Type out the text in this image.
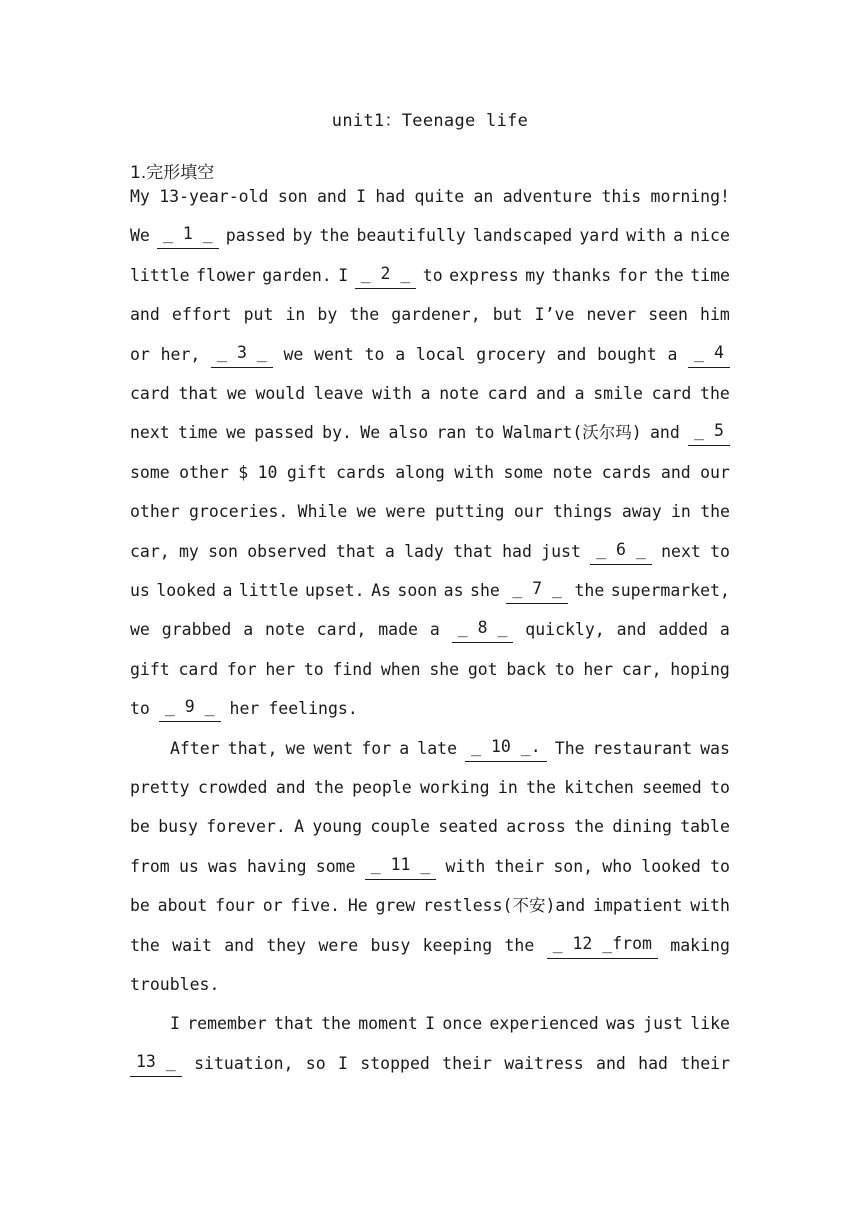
unit1：Teenage life
1.完形填空
My 13-year-old son and I had quite an adventure this morning!
We _ 1 _ passed by the beautifully landscaped yard with a nice
little flower garden. I _ 2 _ to express my thanks for the time
and effort put in by the gardener, but I’ve never seen him
or her,	_ 3 _	we went to a local grocery and bought a	_ 4
card that we would leave with a note card and a smile card the
next time we passed by. We also ran to Walmart(沃尔玛) and _ 5
some other $ 10 gift cards along with some note cards and our
other groceries. While we were putting our things away in the
car, my son observed that a lady that had just _ 6 _ next to
us looked a little upset. As soon as she _ 7 _ the supermarket,
we grabbed a note card, made a	_ 8 _	quickly, and added a
gift card for her to find when she got back to her car, hoping
to _ 9 _ her feelings.
After that, we went for a late _ 10 _. The restaurant was
pretty crowded and the people working in the kitchen seemed to
be busy forever. A young couple seated across the dining table
from us was having some _ 11 _ with their son, who looked to
be about four or five. He grew restless(不安)and impatient with
the wait and they were busy keeping the	_ 12 _from	making
troubles.
I remember that the moment I once experienced was just like
13 _	situation, so I stopped their waitress and had their
